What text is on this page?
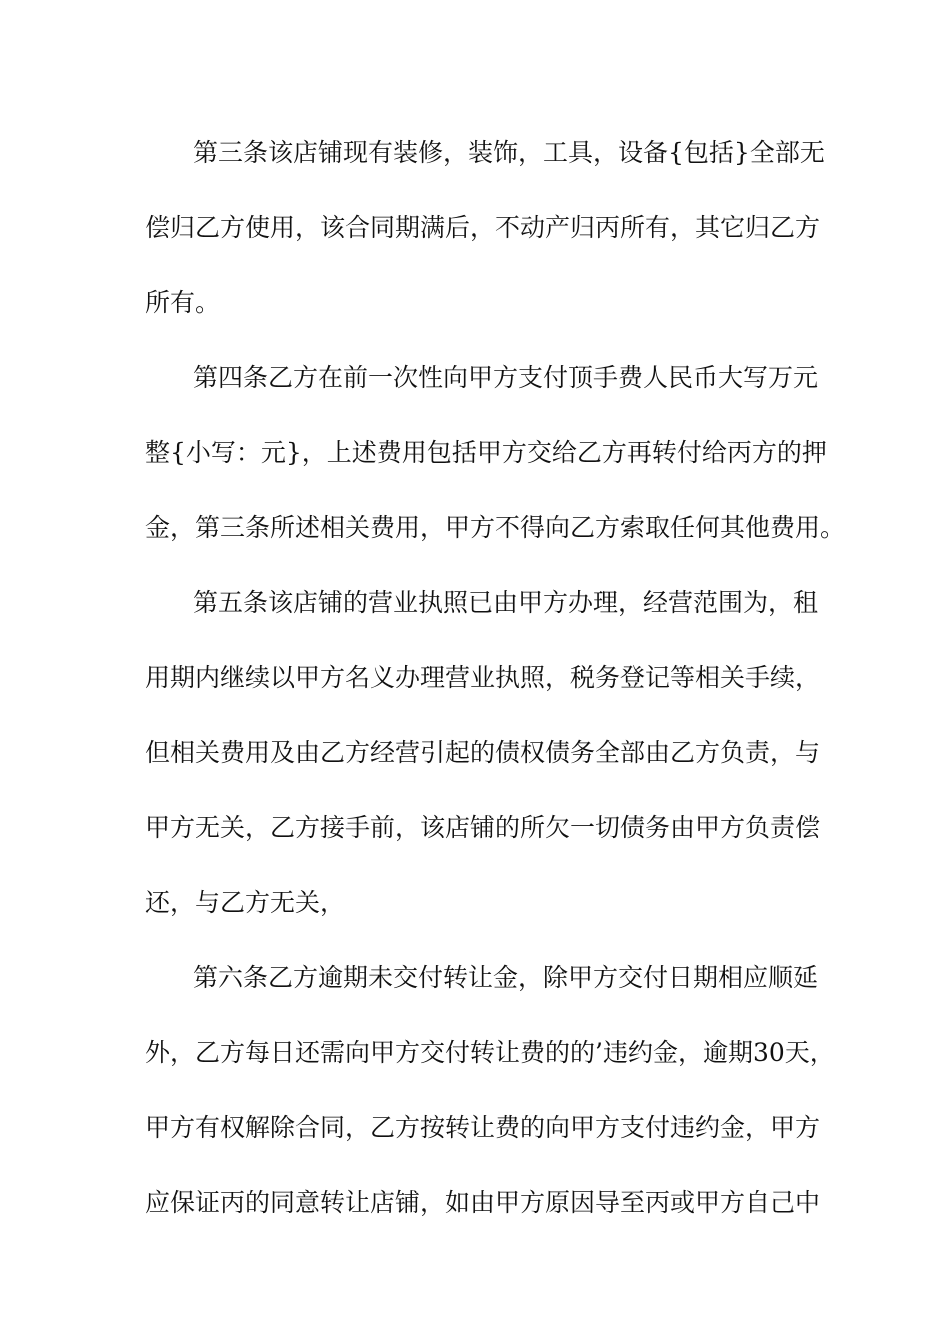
第三条该店铺现有装修，装饰，工具，设备{包括}全部无
偿归乙方使用，该合同期满后，不动产归丙所有，其它归乙方
所有。
第四条乙方在前一次性向甲方支付顶手费人民币大写万元
整{小写：元}，上述费用包括甲方交给乙方再转付给丙方的押
金，第三条所述相关费用，甲方不得向乙方索取任何其他费用。
第五条该店铺的营业执照已由甲方办理，经营范围为，租
用期内继续以甲方名义办理营业执照，税务登记等相关手续，
但相关费用及由乙方经营引起的债权债务全部由乙方负责，与
甲方无关，乙方接手前，该店铺的所欠一切债务由甲方负责偿
还，与乙方无关，
第六条乙方逾期未交付转让金，除甲方交付日期相应顺延
外，乙方每日还需向甲方交付转让费的的’违约金，逾期30天，
甲方有权解除合同，乙方按转让费的向甲方支付违约金，甲方
应保证丙的同意转让店铺，如由甲方原因导至丙或甲方自己中
